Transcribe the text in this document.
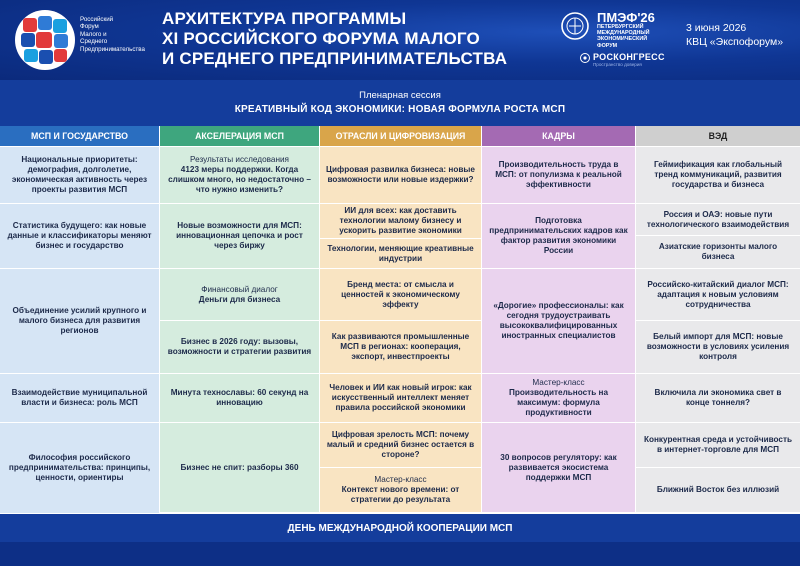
Российский
Форум
Малого и
Среднего
Предпринимательства
АРХИТЕКТУРА ПРОГРАММЫ
XI РОССИЙСКОГО ФОРУМА МАЛОГО
И СРЕДНЕГО ПРЕДПРИНИМАТЕЛЬСТВА
ПМЭФ'26
ПЕТЕРБУРГСКИЙ
МЕЖДУНАРОДНЫЙ
ЭКОНОМИЧЕСКИЙ
ФОРУМ
РОСКОНГРЕСС
Пространство доверия
3 июня 2026
КВЦ «Экспофорум»
Пленарная сессия
КРЕАТИВНЫЙ КОД ЭКОНОМИКИ: НОВАЯ ФОРМУЛА РОСТА МСП
МСП И ГОСУДАРСТВО
Национальные приоритеты: демография, долголетие, экономическая активность через проекты развития МСП
Статистика будущего: как новые данные и классификаторы меняют бизнес и государство
Объединение усилий крупного и малого бизнеса для развития регионов
Взаимодействие муниципальной власти и бизнеса: роль МСП
Философия российского предпринимательства: принципы, ценности, ориентиры
АКСЕЛЕРАЦИЯ МСП
Результаты исследования
4123 меры поддержки. Когда слишком много, но недостаточно – что нужно изменить?
Новые возможности для МСП: инновационная цепочка и рост через биржу
Финансовый диалог
Деньги для бизнеса
Бизнес в 2026 году: вызовы, возможности и стратегии развития
Минута технославы: 60 секунд на инновацию
Бизнес не спит: разборы 360
ОТРАСЛИ И ЦИФРОВИЗАЦИЯ
Цифровая развилка бизнеса: новые возможности или новые издержки?
ИИ для всех: как доставить технологии малому бизнесу и ускорить развитие экономики
Технологии, меняющие креативные индустрии
Бренд места: от смысла и ценностей к экономическому эффекту
Как развиваются промышленные МСП в регионах: кооперация, экспорт, инвестпроекты
Человек и ИИ как новый игрок: как искусственный интеллект меняет правила российской экономики
Цифровая зрелость МСП: почему малый и средний бизнес остается в стороне?
Мастер-класс
Контекст нового времени: от стратегии до результата
КАДРЫ
Производительность труда в МСП: от популизма к реальной эффективности
Подготовка предпринимательских кадров как фактор развития экономики России
«Дорогие» профессионалы: как сегодня трудоустраивать высококвалифицированных иностранных специалистов
Мастер-класс
Производительность на максимум: формула продуктивности
30 вопросов регулятору: как развивается экосистема поддержки МСП
ВЭД
Геймификация как глобальный тренд коммуникаций, развития государства и бизнеса
Россия и ОАЭ: новые пути технологического взаимодействия
Азиатские горизонты малого бизнеса
Российско-китайский диалог МСП: адаптация к новым условиям сотрудничества
Белый импорт для МСП: новые возможности в условиях усиления контроля
Включила ли экономика свет в конце тоннеля?
Конкурентная среда и устойчивость в интернет-торговле для МСП
Ближний Восток без иллюзий
ДЕНЬ МЕЖДУНАРОДНОЙ КООПЕРАЦИИ МСП
